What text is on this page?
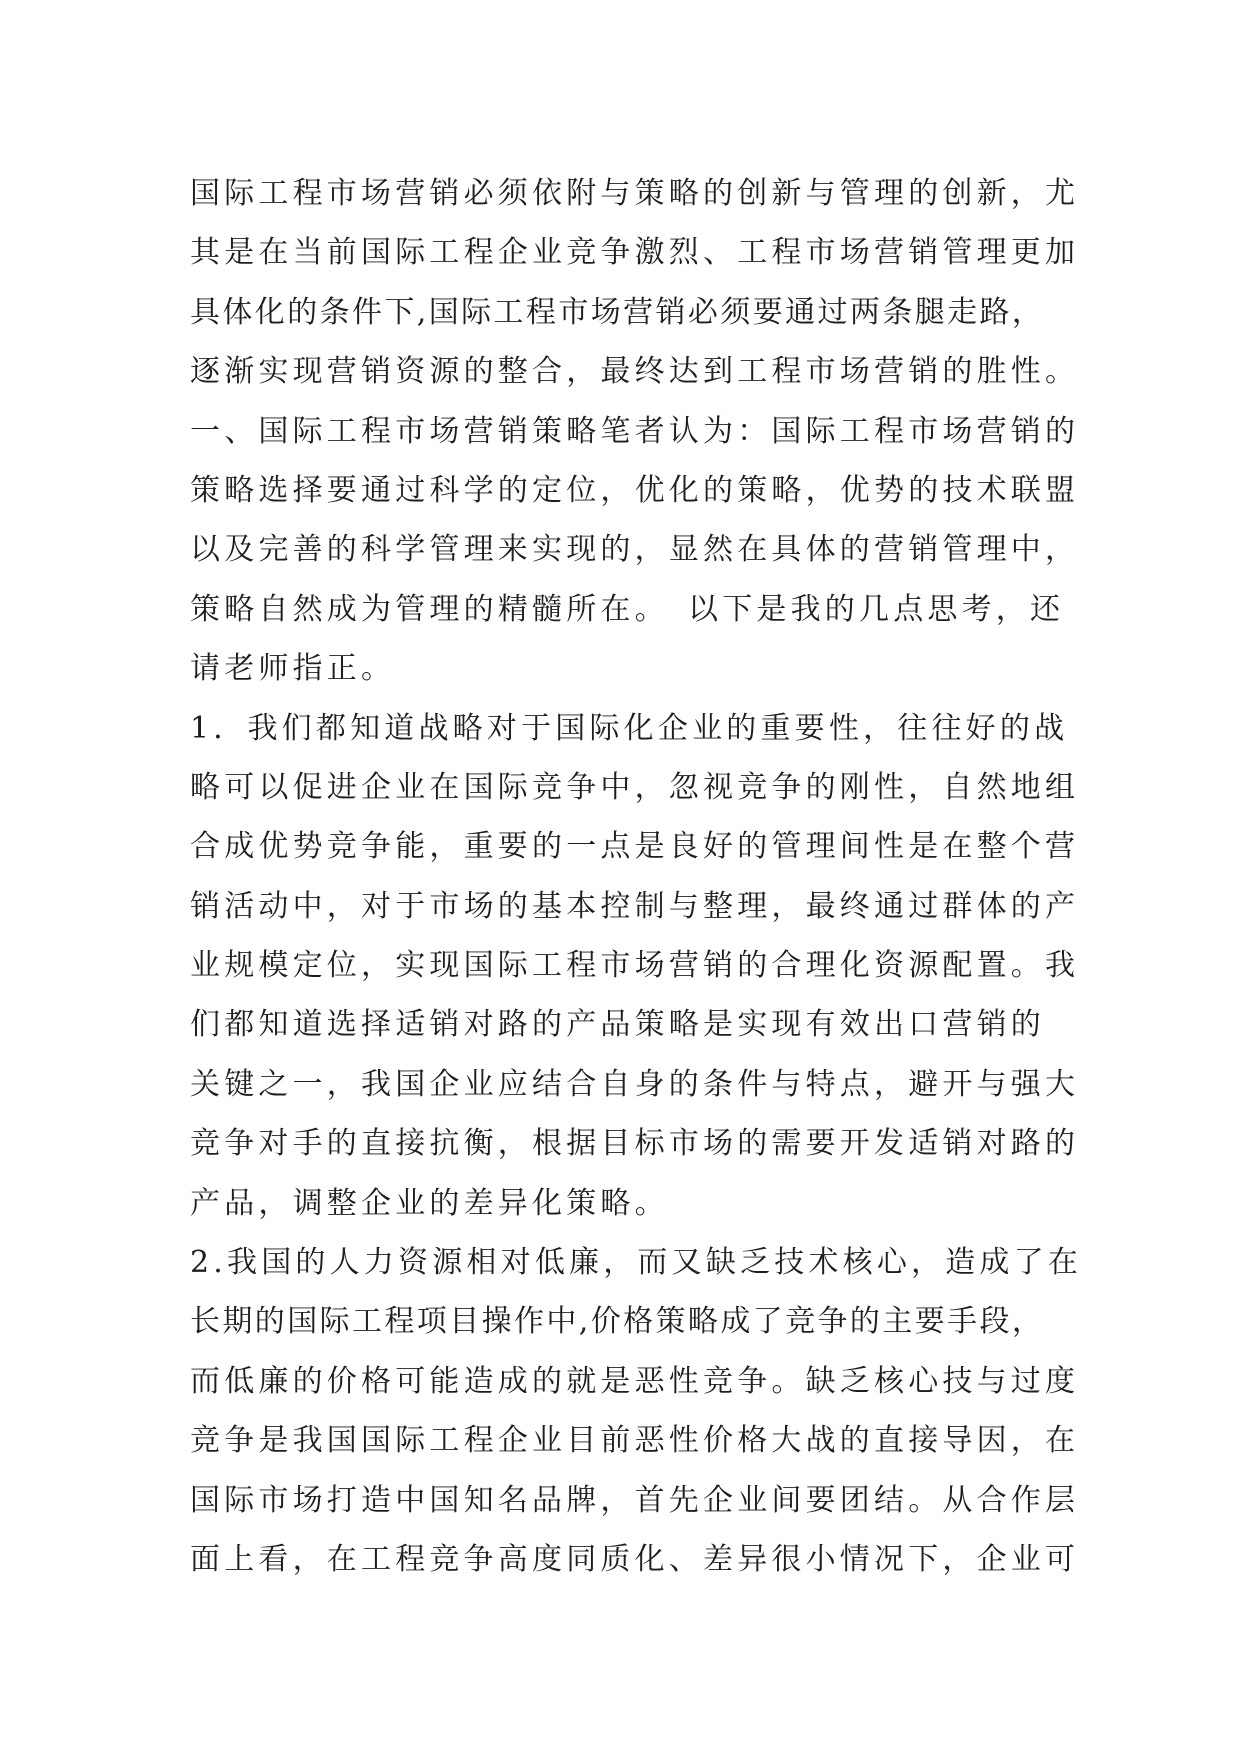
国际工程市场营销必须依附与策略的创新与管理的创新，尤
其是在当前国际工程企业竞争激烈、工程市场营销管理更加
具体化的条件下,国际工程市场营销必须要通过两条腿走路，
逐渐实现营销资源的整合，最终达到工程市场营销的胜性。
一、国际工程市场营销策略笔者认为：国际工程市场营销的
策略选择要通过科学的定位，优化的策略，优势的技术联盟
以及完善的科学管理来实现的，显然在具体的营销管理中，
策略自然成为管理的精髓所在。　以下是我的几点思考，还
请老师指正。
1．我们都知道战略对于国际化企业的重要性，往往好的战
略可以促进企业在国际竞争中，忽视竞争的刚性，自然地组
合成优势竞争能，重要的一点是良好的管理间性是在整个营
销活动中，对于市场的基本控制与整理，最终通过群体的产
业规模定位，实现国际工程市场营销的合理化资源配置。我
们都知道选择适销对路的产品策略是实现有效出口营销的
关键之一，我国企业应结合自身的条件与特点，避开与强大
竞争对手的直接抗衡，根据目标市场的需要开发适销对路的
产品，调整企业的差异化策略。
2.我国的人力资源相对低廉，而又缺乏技术核心，造成了在
长期的国际工程项目操作中,价格策略成了竞争的主要手段，
而低廉的价格可能造成的就是恶性竞争。缺乏核心技与过度
竞争是我国国际工程企业目前恶性价格大战的直接导因，在
国际市场打造中国知名品牌，首先企业间要团结。从合作层
面上看，在工程竞争高度同质化、差异很小情况下，企业可
